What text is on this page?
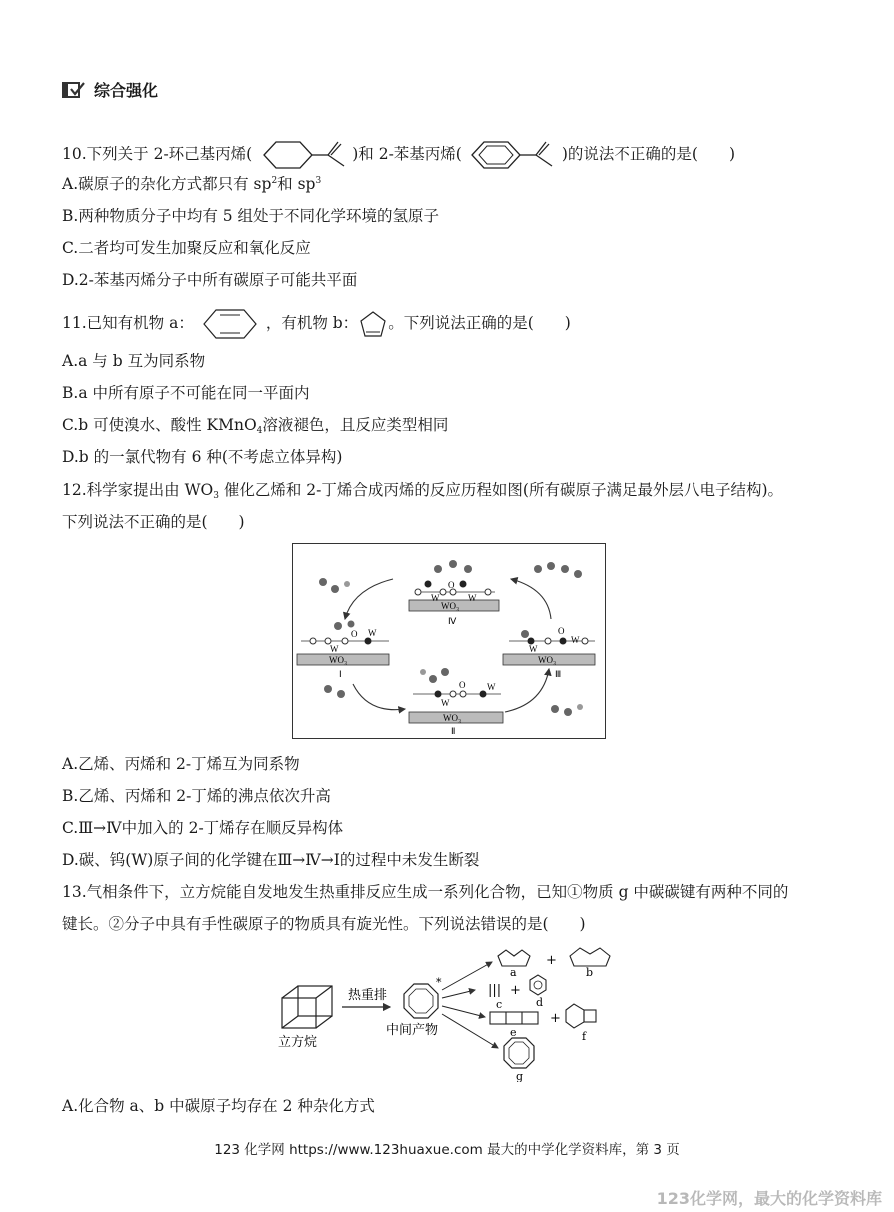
综合强化
10.下列关于 2-环己基丙烯(	)和 2-苯基丙烯(	)的说法不正确的是(　　)
A.碳原子的杂化方式都只有 $sp^2$和 $sp^3$
B.两种物质分子中均有 5 组处于不同化学环境的氢原子
C.二者均可发生加聚反应和氧化反应
D.2-苯基丙烯分子中所有碳原子可能共平面
11.已知有机物 a：	，有机物 b： 。下列说法正确的是(　　)
A.a 与 b 互为同系物
B.a 中所有原子不可能在同一平面内
C.b 可使溴水、酸性 KMnO$_4$溶液褪色，且反应类型相同
D.b 的一氯代物有 6 种(不考虑立体异构)
12.科学家提出由 $WO_3$ 催化乙烯和 2-丁烯合成丙烯的反应历程如图(所有碳原子满足最外层八电子结构)。
下列说法不正确的是(　　)
WO₃
W
O
W
Ⅳ
WO₃
O W
W
Ⅰ
WO₃
O
W
W
Ⅲ
WO₃
O W
W
Ⅱ
A.乙烯、丙烯和 2-丁烯互为同系物
B.乙烯、丙烯和 2-丁烯的沸点依次升高
C.Ⅲ→Ⅳ中加入的 2-丁烯存在顺反异构体
D.碳、钨(W)原子间的化学键在Ⅲ→Ⅳ→Ⅰ的过程中未发生断裂
13.气相条件下，立方烷能自发地发生热重排反应生成一系列化合物，已知①物质 g 中碳碳键有两种不同的
键长。②分子中具有手性碳原子的物质具有旋光性。下列说法错误的是(　　)
立方烷
热重排
*
中间产物
a
+
b
||| +
d
c
e
+
f
g
A.化合物 a、b 中碳原子均存在 2 种杂化方式
123 化学网 https://www.123huaxue.com 最大的中学化学资料库，第 3 页
123化学网，最大的化学资料库
